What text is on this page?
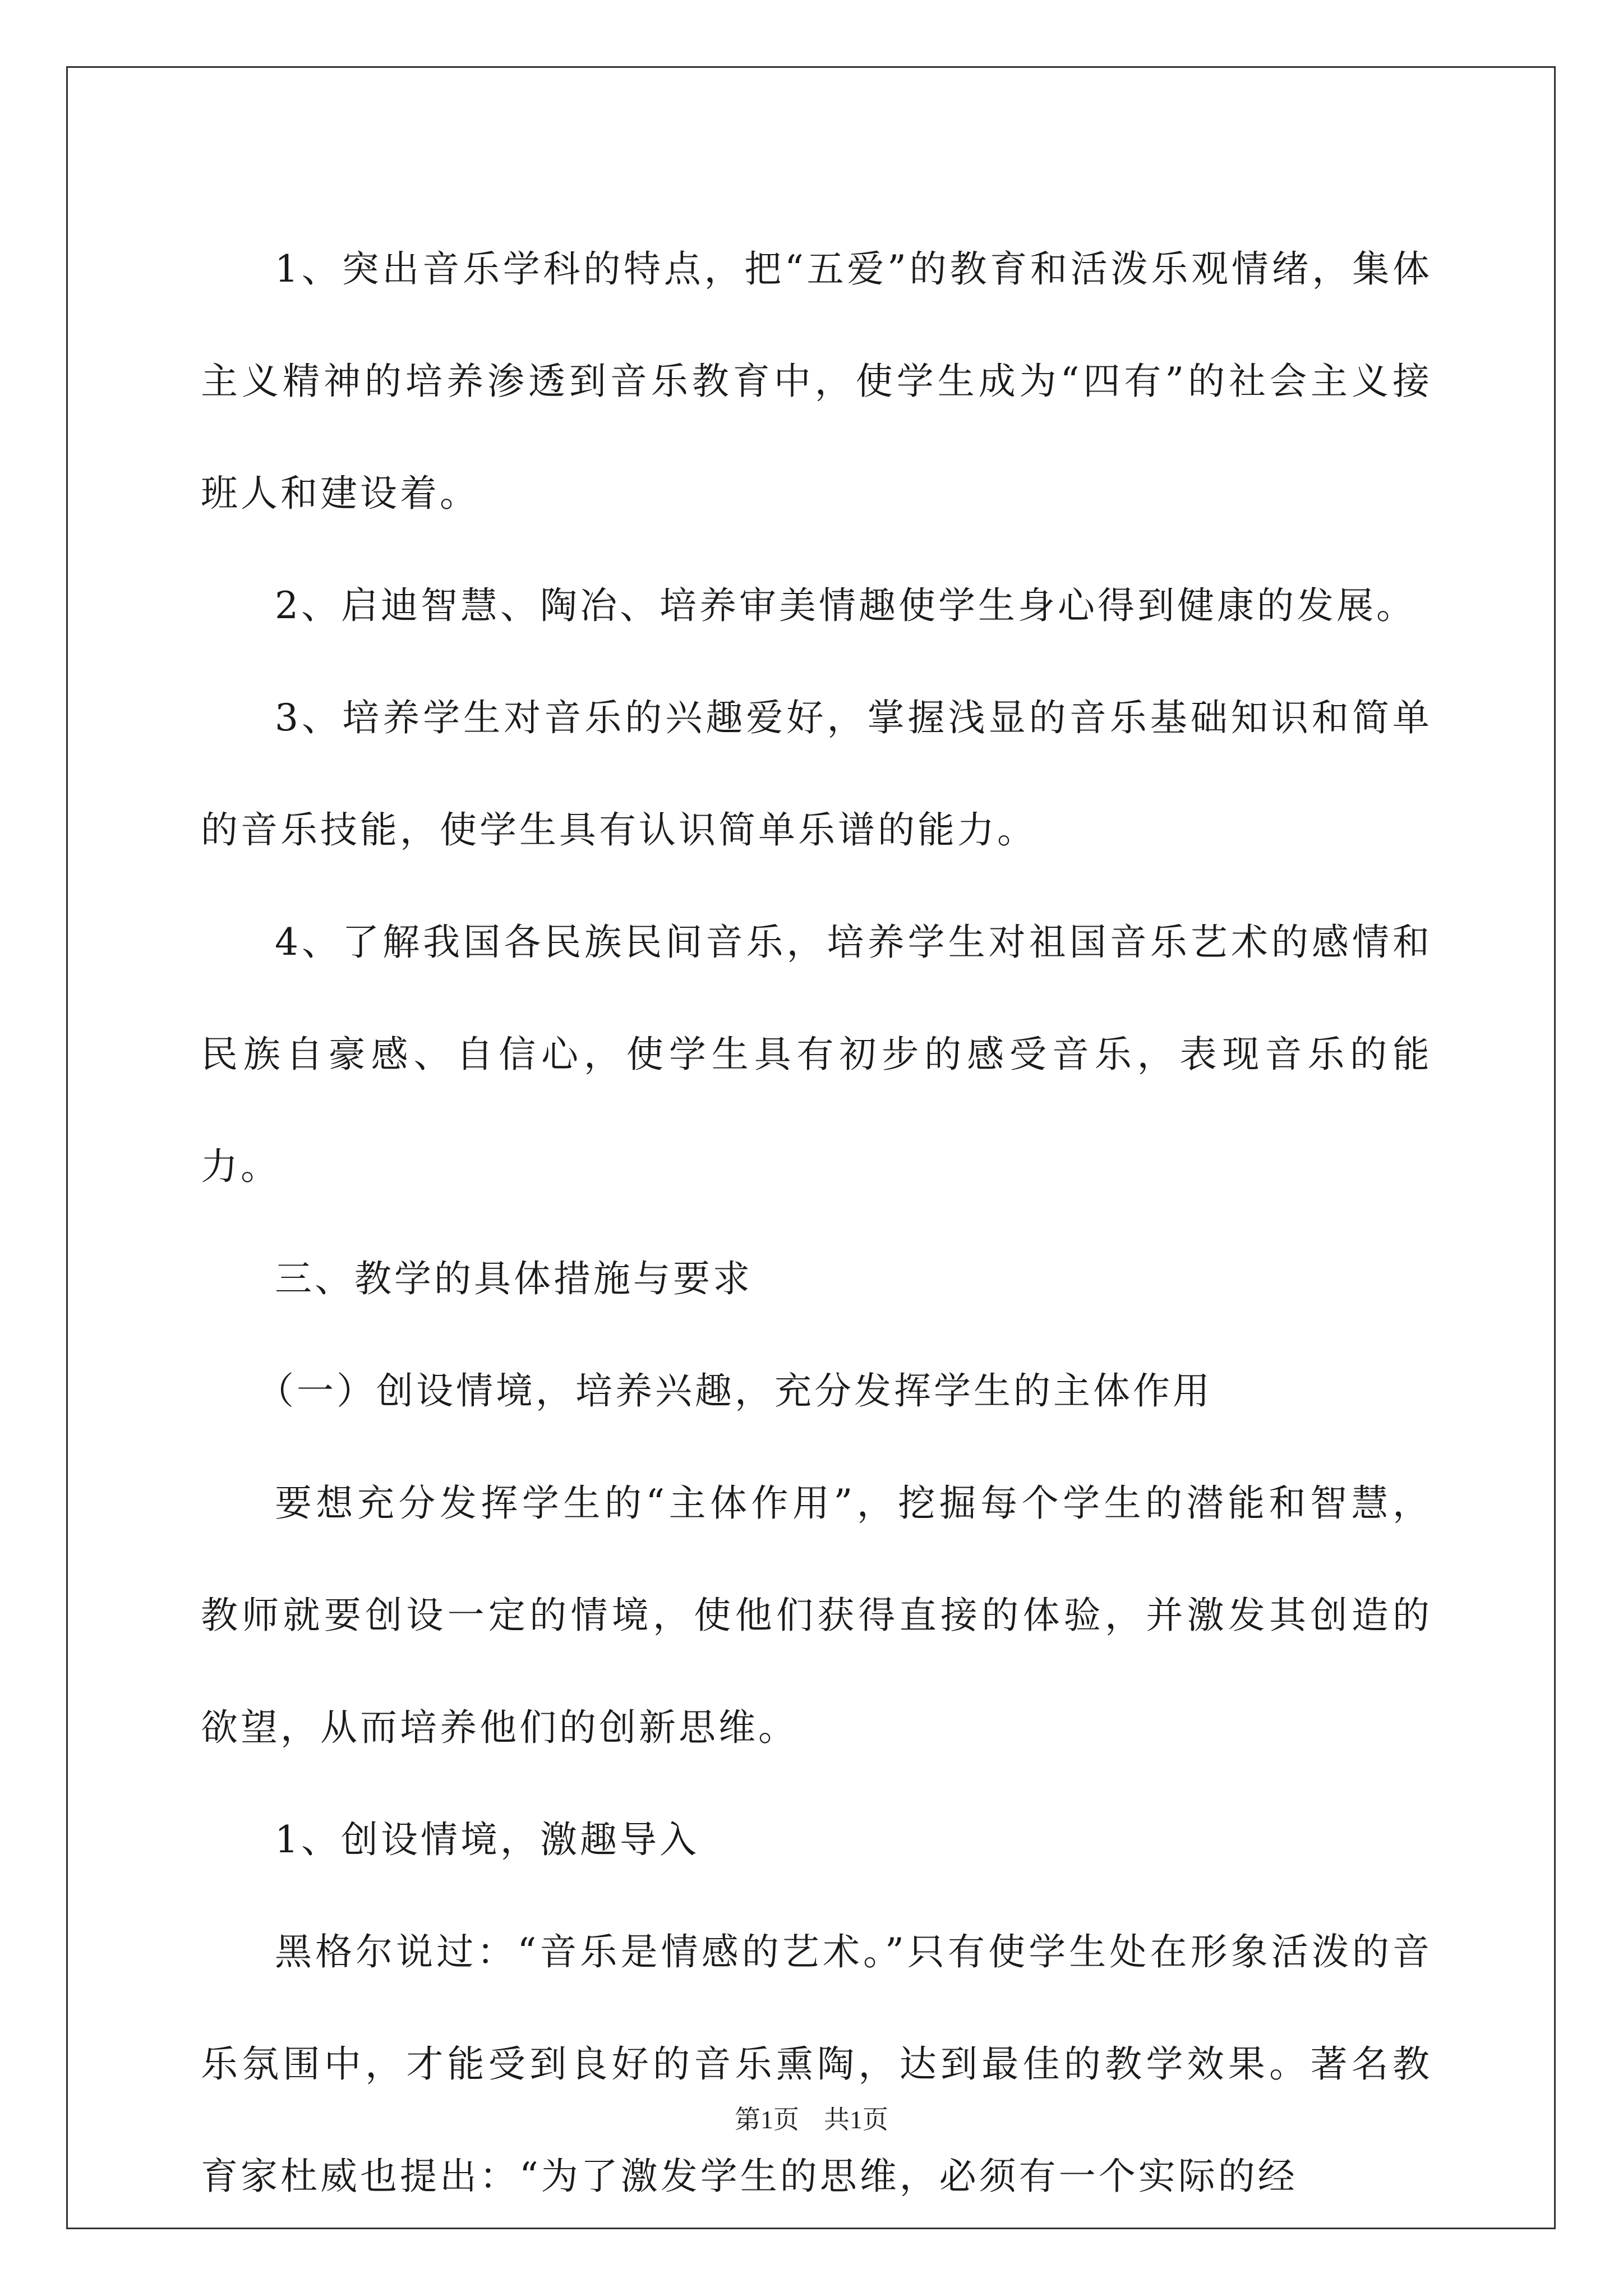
1、突出音乐学科的特点，把“五爱”的教育和活泼乐观情绪，集体主义精神的培养渗透到音乐教育中，使学生成为“四有”的社会主义接班人和建设着。

2、启迪智慧、陶冶、培养审美情趣使学生身心得到健康的发展。

3、培养学生对音乐的兴趣爱好，掌握浅显的音乐基础知识和简单的音乐技能，使学生具有认识简单乐谱的能力。

4、了解我国各民族民间音乐，培养学生对祖国音乐艺术的感情和民族自豪感、自信心，使学生具有初步的感受音乐，表现音乐的能力。

三、教学的具体措施与要求

（一）创设情境，培养兴趣，充分发挥学生的主体作用

要想充分发挥学生的“主体作用”，挖掘每个学生的潜能和智慧，教师就要创设一定的情境，使他们获得直接的体验，并激发其创造的欲望，从而培养他们的创新思维。

1、创设情境，激趣导入

黑格尔说过：“音乐是情感的艺术。”只有使学生处在形象活泼的音乐氛围中，才能受到良好的音乐熏陶，达到最佳的教学效果。著名教育家杜威也提出：“为了激发学生的思维，必须有一个实际的经

第1页 共1页
